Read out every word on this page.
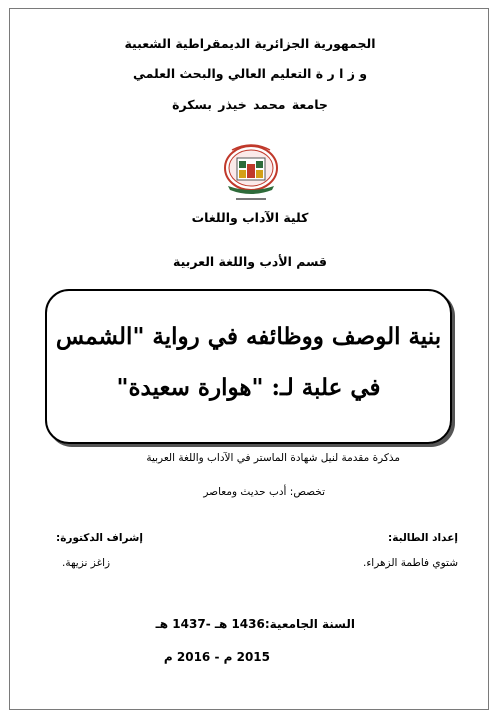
الجمهورية الجزائرية الديمقراطية الشعبية
و ز ا ر ة التعليم العالي والبحث العلمي
جامعة محمد خيذر بسكرة
كلية الآداب واللغات
قسم الأدب واللغة العربية
بنية الوصف ووظائفه في رواية "الشمس
في علبة لـ: "هوارة سعيدة"
مذكرة مقدمة لنيل شهادة الماستر في الآداب واللغة العربية
تخصص: أدب حديث ومعاصر
إعداد الطالبة:
شتوي فاطمة الزهراء.
إشراف الدكتورة:
زاغز نزيهة.
السنة الجامعية:1436 هـ -1437 هـ
2015 م - 2016 م
